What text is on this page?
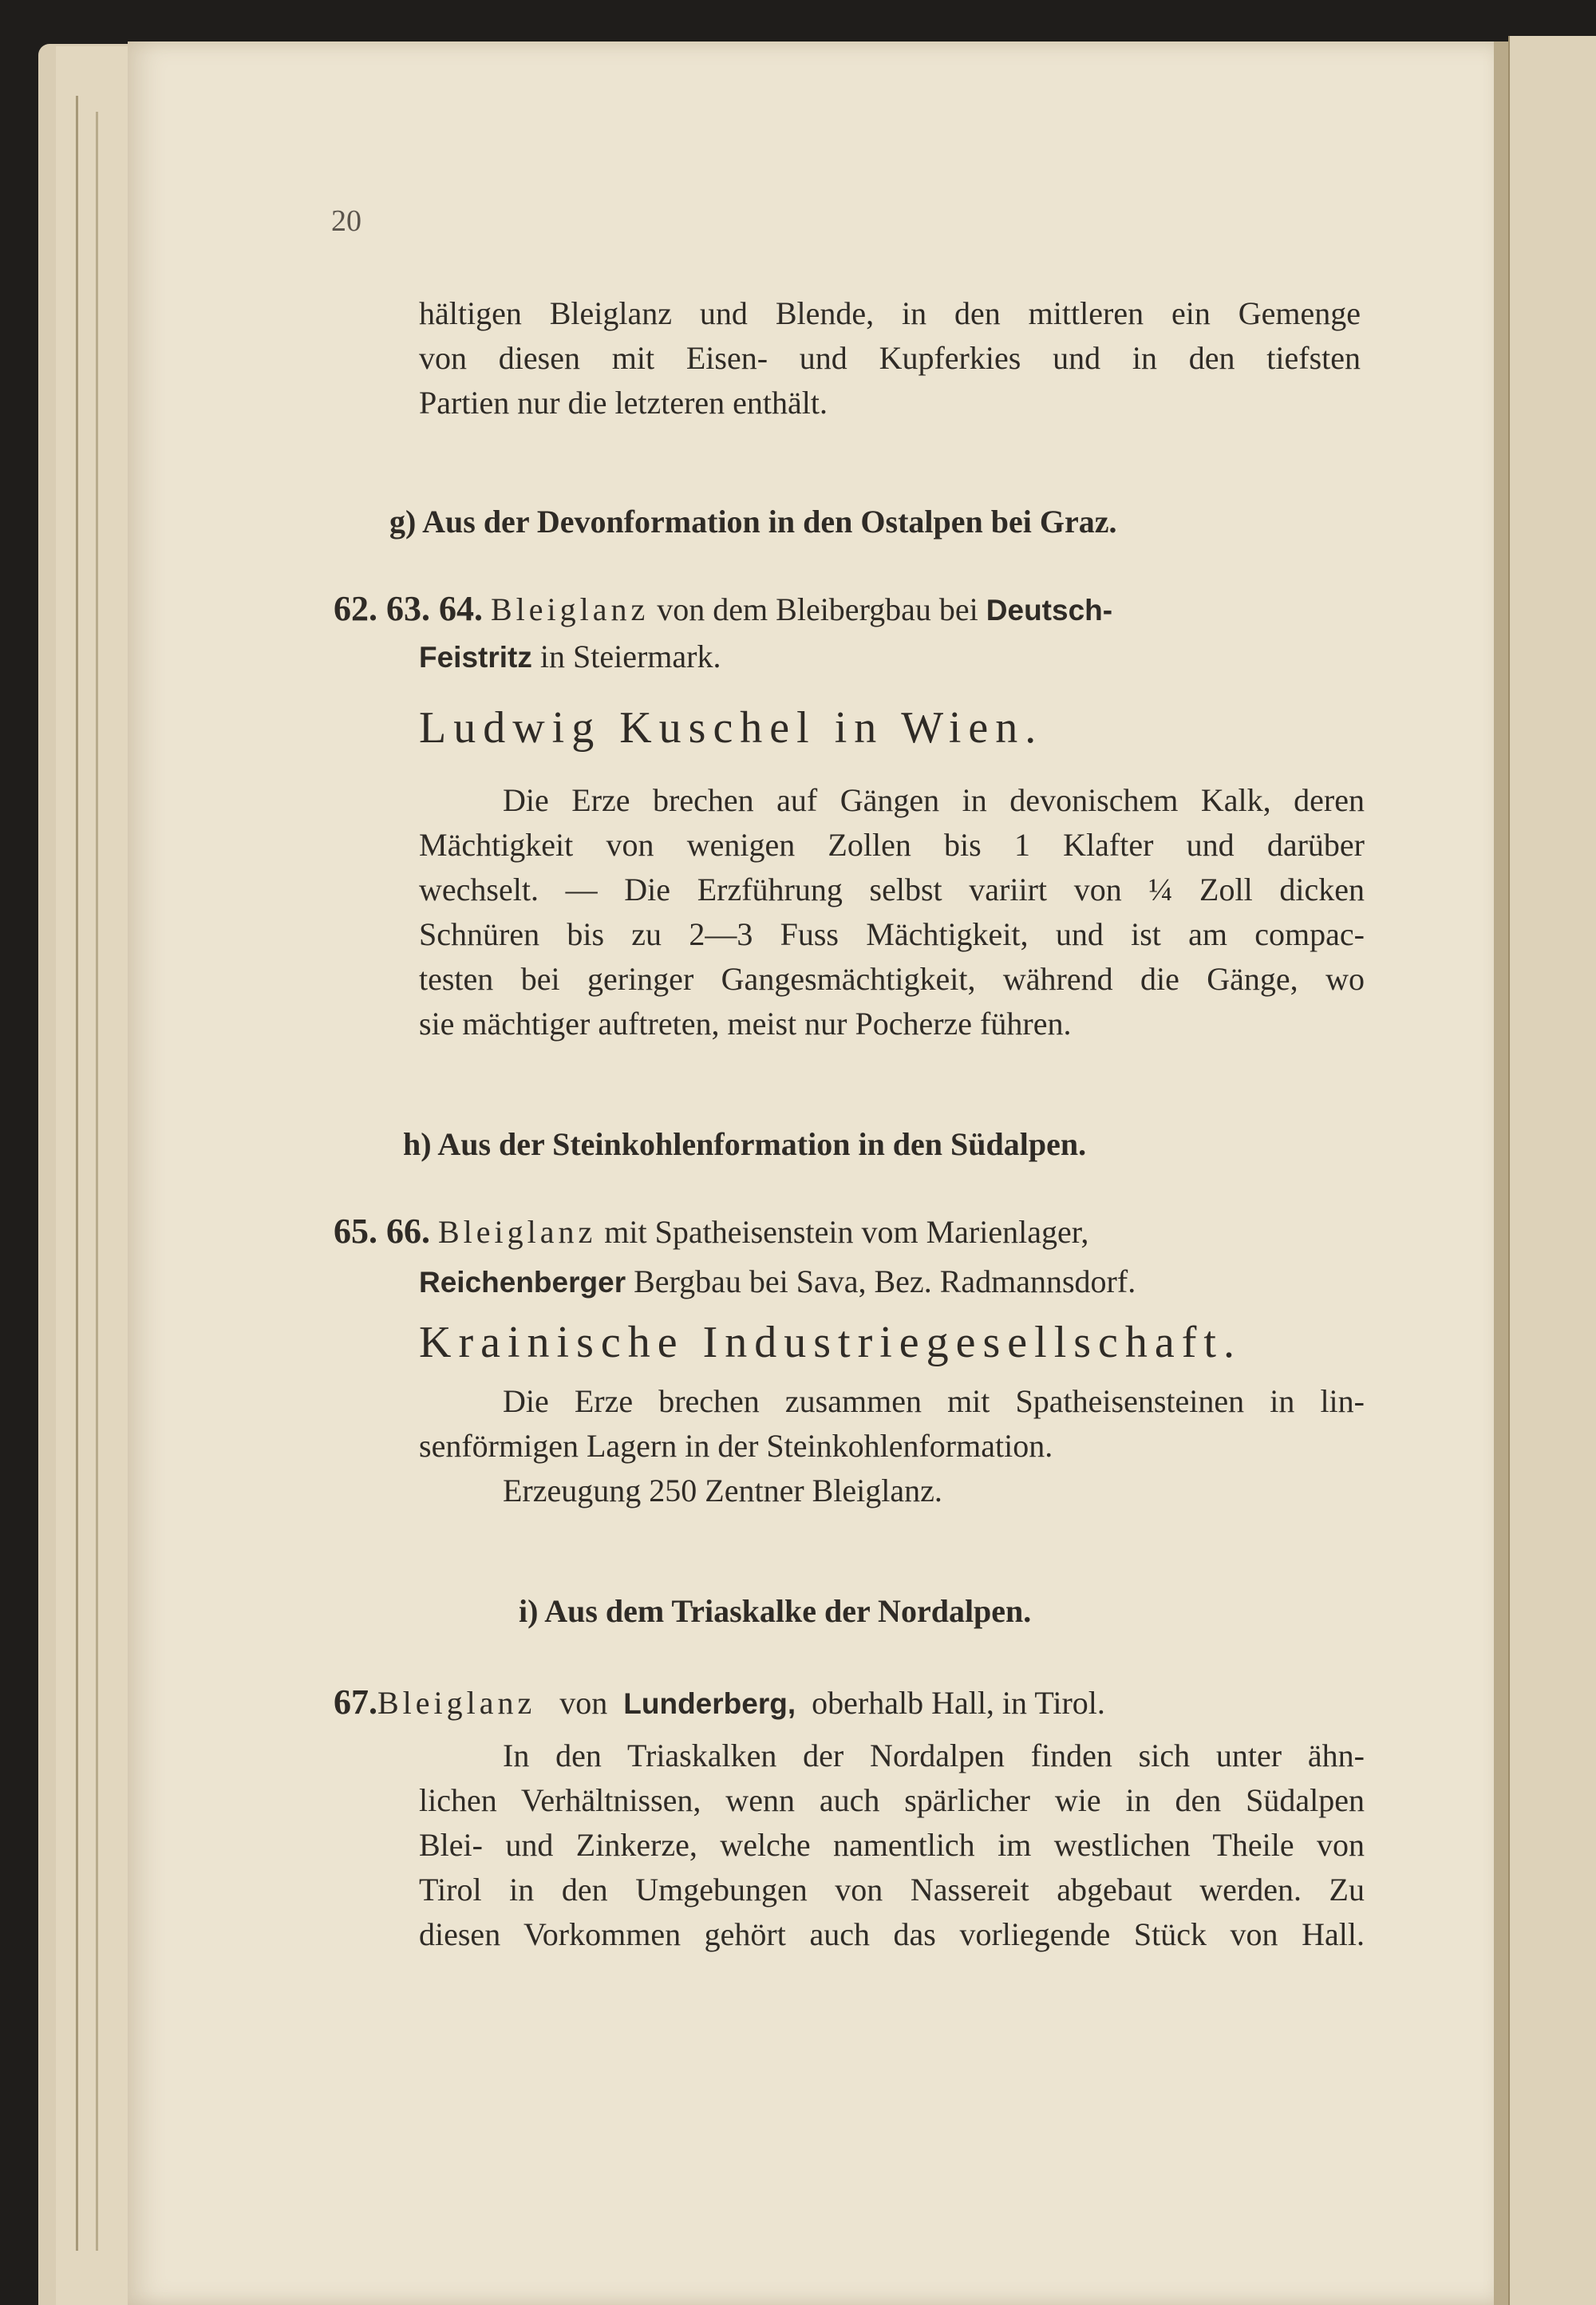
20
hältigen Bleiglanz und Blende, in den mittleren ein Gemenge
von diesen mit Eisen- und Kupferkies und in den tiefsten
Partien nur die letzteren enthält.
g) Aus der Devonformation in den Ostalpen bei Graz.
62. 63. 64. Bleiglanz von dem Bleibergbau bei Deutsch-
Feistritz in Steiermark.
Ludwig Kuschel in Wien.
Die Erze brechen auf Gängen in devonischem Kalk, deren
Mächtigkeit von wenigen Zollen bis 1 Klafter und darüber
wechselt. — Die Erzführung selbst variirt von ¼ Zoll dicken
Schnüren bis zu 2—3 Fuss Mächtigkeit, und ist am compac-
testen bei geringer Gangesmächtigkeit, während die Gänge, wo
sie mächtiger auftreten, meist nur Pocherze führen.
h) Aus der Steinkohlenformation in den Südalpen.
65. 66. Bleiglanz mit Spatheisenstein vom Marienlager,
Reichenberger Bergbau bei Sava, Bez. Radmannsdorf.
Krainische Industriegesellschaft.
Die Erze brechen zusammen mit Spatheisensteinen in lin-
senförmigen Lagern in der Steinkohlenformation.
Erzeugung 250 Zentner Bleiglanz.
i) Aus dem Triaskalke der Nordalpen.
67.Bleiglanz von Lunderberg, oberhalb Hall, in Tirol.
In den Triaskalken der Nordalpen finden sich unter ähn-
lichen Verhältnissen, wenn auch spärlicher wie in den Südalpen
Blei- und Zinkerze, welche namentlich im westlichen Theile von
Tirol in den Umgebungen von Nassereit abgebaut werden. Zu
diesen Vorkommen gehört auch das vorliegende Stück von Hall.
